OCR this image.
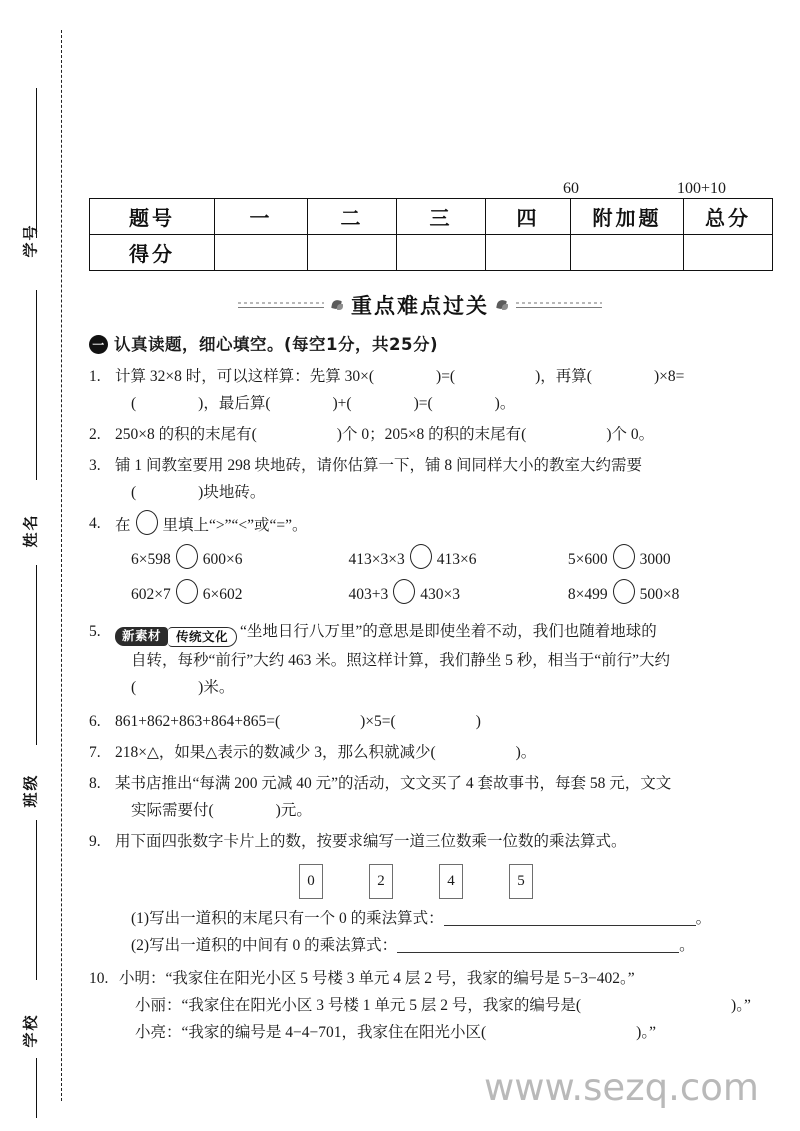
学号
姓名
班级
学校
60	100+10
题号	一	二	三	四	附加题	总分
得分						
重点难点过关
一 认真读题，细心填空。(每空1分，共25分)
1. 计算 32×8 时，可以这样算：先算 30×(	)=(	)，再算(	)×8=
(	)，最后算(	)+(	)=(	)。
2. 250×8 的积的末尾有(	)个 0；205×8 的积的末尾有(	)个 0。
3. 铺 1 间教室要用 298 块地砖，请你估算一下，铺 8 间同样大小的教室大约需要
(	)块地砖。
4. 在 里填上“>”“<”或“=”。
6×598 600×6	413×3×3 413×6	5×600 3000
602×7 6×602	403+3 430×3	8×499 500×8
5.	新素材	传统文化 “坐地日行八万里”的意思是即使坐着不动，我们也随着地球的
自转，每秒“前行”大约 463 米。照这样计算，我们静坐 5 秒，相当于“前行”大约
(	)米。
6. 861+862+863+864+865=(	)×5=(	)
7. 218×△，如果△表示的数减少 3，那么积就减少(	)。
8. 某书店推出“每满 200 元减 40 元”的活动，文文买了 4 套故事书，每套 58 元，文文
实际需要付(	)元。
9. 用下面四张数字卡片上的数，按要求编写一道三位数乘一位数的乘法算式。
0	2	4	5
(1)写出一道积的末尾只有一个 0 的乘法算式：	。
(2)写出一道积的中间有 0 的乘法算式：	。
10. 小明：“我家住在阳光小区 5 号楼 3 单元 4 层 2 号，我家的编号是 5−3−402。”
小丽：“我家住在阳光小区 3 号楼 1 单元 5 层 2 号，我家的编号是(	)。”
小亮：“我家的编号是 4−4−701，我家住在阳光小区(	)。”
www.sezq.com
